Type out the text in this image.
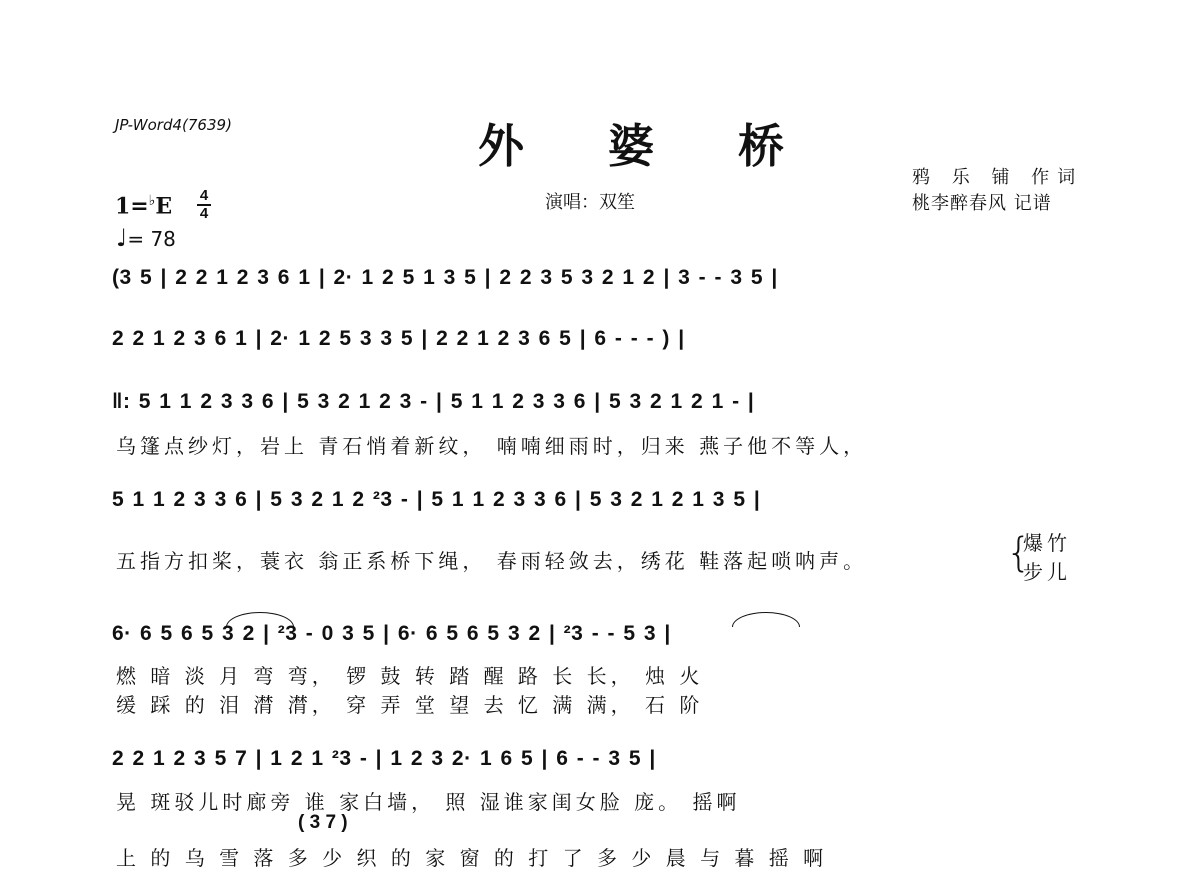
JP-Word4(7639)	外 婆 桥
鸦 乐 铺 作词
桃李醉春风 记谱
演唱：双笙
1=♭E 4
4
♩= 78
(3 5 | 2 2 1 2 3 6 1 | 2· 1 2 5 1 3 5 | 2 2 3 5 3 2 1 2 | 3 - - 3 5 |
2 2 1 2 3 6 1 | 2· 1 2 5 3 3 5 | 2 2 1 2 3 6 5 | 6 - - - ) |
‖: 5 1 1 2 3 3 6 | 5 3 2 1 2 3 - | 5 1 1 2 3 3 6 | 5 3 2 1 2 1 - |
乌篷点纱灯，岩上 青石悄着新纹， 喃喃细雨时，归来 燕子他不等人，
5 1 1 2 3 3 6 | 5 3 2 1 2 ²3 - | 5 1 1 2 3 3 6 | 5 3 2 1 2 1 3 5 |
五指方扣桨，蓑衣 翁正系桥下绳， 春雨轻敛去，绣花 鞋落起唢呐声。	{
爆竹
步儿
6· 6 5 6 5 3 2 | ²3 - 0 3 5 | 6· 6 5 6 5 3 2 | ²3 - - 5 3 |
燃 暗 淡 月 弯 弯， 锣 鼓 转 踏 醒 路 长 长， 烛 火
缓 踩 的 泪 潸 潸， 穿 弄 堂 望 去 忆 满 满， 石 阶
2 2 1 2 3 5 7 | 1 2 1 ²3 - | 1 2 3 2· 1 6 5 | 6 - - 3 5 |
晃 斑驳儿时廊旁 谁 家白墙， 照 湿谁家闺女脸 庞。 摇啊
( 3 7 )
上 的 乌 雪 落 多 少 织 的 家 窗 的 打 了 多 少 晨 与 暮 摇 啊
